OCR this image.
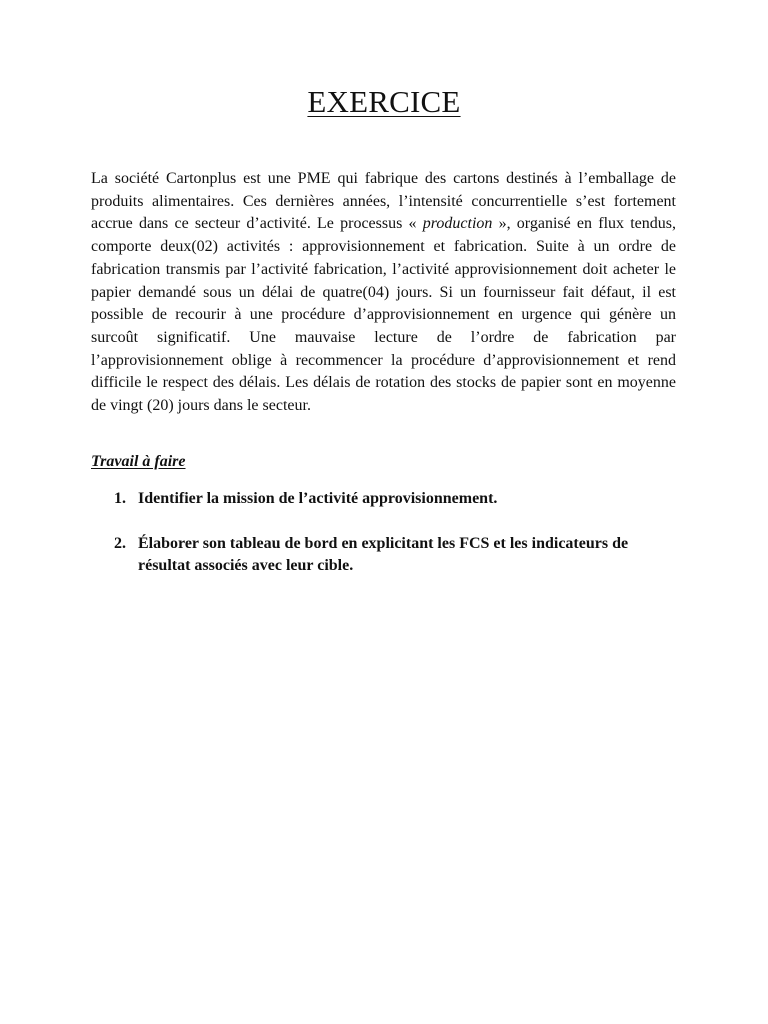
EXERCICE

La société Cartonplus est une PME qui fabrique des cartons destinés à l’emballage de produits alimentaires. Ces dernières années, l’intensité concurrentielle s’est fortement accrue dans ce secteur d’activité. Le processus « production », organisé en flux tendus, comporte deux(02) activités : approvisionnement et fabrication. Suite à un ordre de fabrication transmis par l’activité fabrication, l’activité approvisionnement doit acheter le papier demandé sous un délai de quatre(04) jours. Si un fournisseur fait défaut, il est possible de recourir à une procédure d’approvisionnement en urgence qui génère un surcoût significatif. Une mauvaise lecture de l’ordre de fabrication par l’approvisionnement oblige à recommencer la procédure d’approvisionnement et rend difficile le respect des délais. Les délais de rotation des stocks de papier sont en moyenne de vingt (20) jours dans le secteur.

Travail à faire
1. Identifier la mission de l’activité approvisionnement.
2. Élaborer son tableau de bord en explicitant les FCS et les indicateurs de résultat associés avec leur cible.
